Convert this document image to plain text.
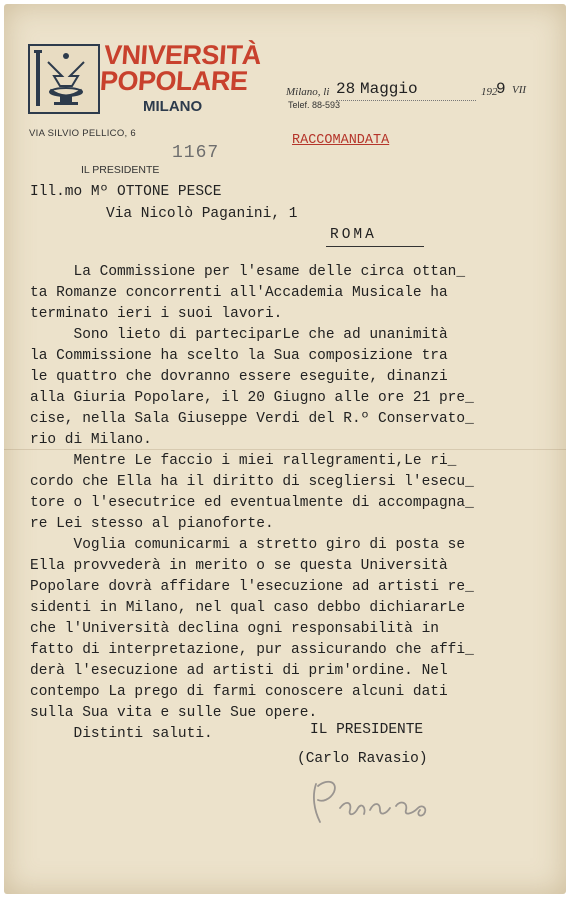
VNIVERSITÀ
POPOLARE
MILANO
VIA SILVIO PELLICO, 6
1167
IL PRESIDENTE
Milano, li 28 Maggio	192
9 VII
Telef. 88-593
RACCOMANDATA
Ill.mo Mº OTTONE PESCE
Via Nicolò Paganini, 1
ROMA
La Commissione per l'esame delle circa ottan_
ta Romanze concorrenti all'Accademia Musicale ha
terminato ieri i suoi lavori.
Sono lieto di parteciparLe che ad unanimità
la Commissione ha scelto la Sua composizione tra
le quattro che dovranno essere eseguite, dinanzi
alla Giuria Popolare, il 20 Giugno alle ore 21 pre_
cise, nella Sala Giuseppe Verdi del R.º Conservato_
rio di Milano.
Mentre Le faccio i miei rallegramenti,Le ri_
cordo che Ella ha il diritto di scegliersi l'esecu_
tore o l'esecutrice ed eventualmente di accompagna_
re Lei stesso al pianoforte.
Voglia comunicarmi a stretto giro di posta se
Ella provvederà in merito o se questa Università
Popolare dovrà affidare l'esecuzione ad artisti re_
sidenti in Milano, nel qual caso debbo dichiararLe
che l'Università declina ogni responsabilità in
fatto di interpretazione, pur assicurando che affi_
derà l'esecuzione ad artisti di prim'ordine. Nel
contempo La prego di farmi conoscere alcuni dati
sulla Sua vita e sulle Sue opere.
Distinti saluti.	IL PRESIDENTE
(Carlo Ravasio)
